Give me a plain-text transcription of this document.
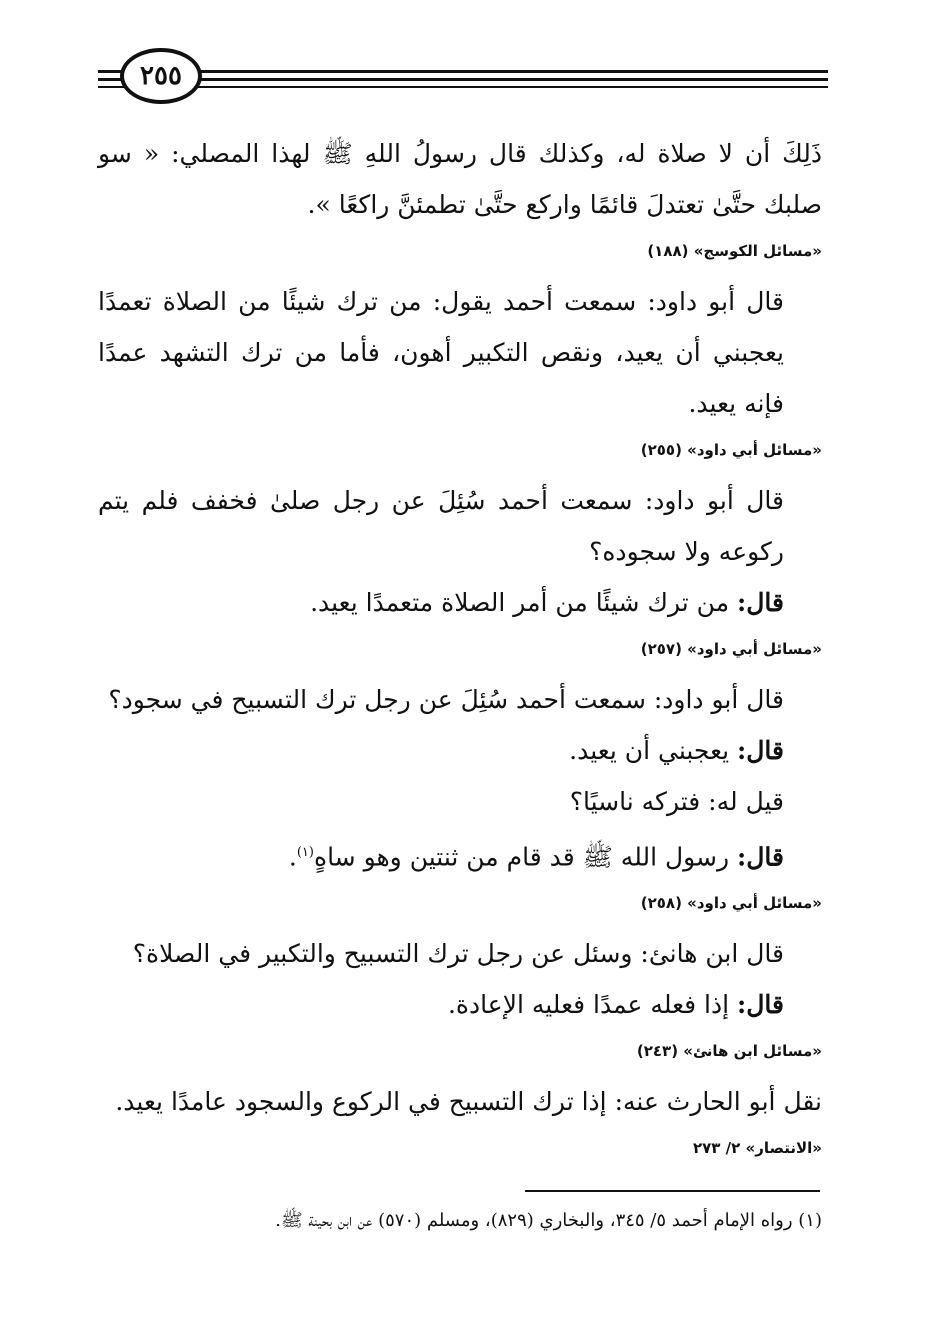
٢٥٥

ذَلِكَ أن لا صلاة له، وكذلك قال رسولُ اللهِ ﷺ لهذا المصلي: « سو صلبك حتَّىٰ تعتدلَ قائمًا واركع حتَّىٰ تطمئنَّ راكعًا ».

«مسائل الكوسج» (١٨٨)

قال أبو داود: سمعت أحمد يقول: من ترك شيئًا من الصلاة تعمدًا يعجبني أن يعيد، ونقص التكبير أهون، فأما من ترك التشهد عمدًا فإنه يعيد.

«مسائل أبي داود» (٢٥٥)

قال أبو داود: سمعت أحمد سُئِلَ عن رجل صلىٰ فخفف فلم يتم ركوعه ولا سجوده؟

قال: من ترك شيئًا من أمر الصلاة متعمدًا يعيد.

«مسائل أبي داود» (٢٥٧)

قال أبو داود: سمعت أحمد سُئِلَ عن رجل ترك التسبيح في سجود؟

قال: يعجبني أن يعيد.

قيل له: فتركه ناسيًا؟

قال: رسول الله ﷺ قد قام من ثنتين وهو ساهٍ$^{(١)}$.

«مسائل أبي داود» (٢٥٨)

قال ابن هانئ: وسئل عن رجل ترك التسبيح والتكبير في الصلاة؟

قال: إذا فعله عمدًا فعليه الإعادة.

«مسائل ابن هانئ» (٢٤٣)

نقل أبو الحارث عنه: إذا ترك التسبيح في الركوع والسجود عامدًا يعيد.

«الانتصار» ٢/ ٢٧٣
(١) رواه الإمام أحمد ٥/ ٣٤٥، والبخاري (٨٢٩)، ومسلم (٥٧٠) عن ابن بحينة ﷺ.
